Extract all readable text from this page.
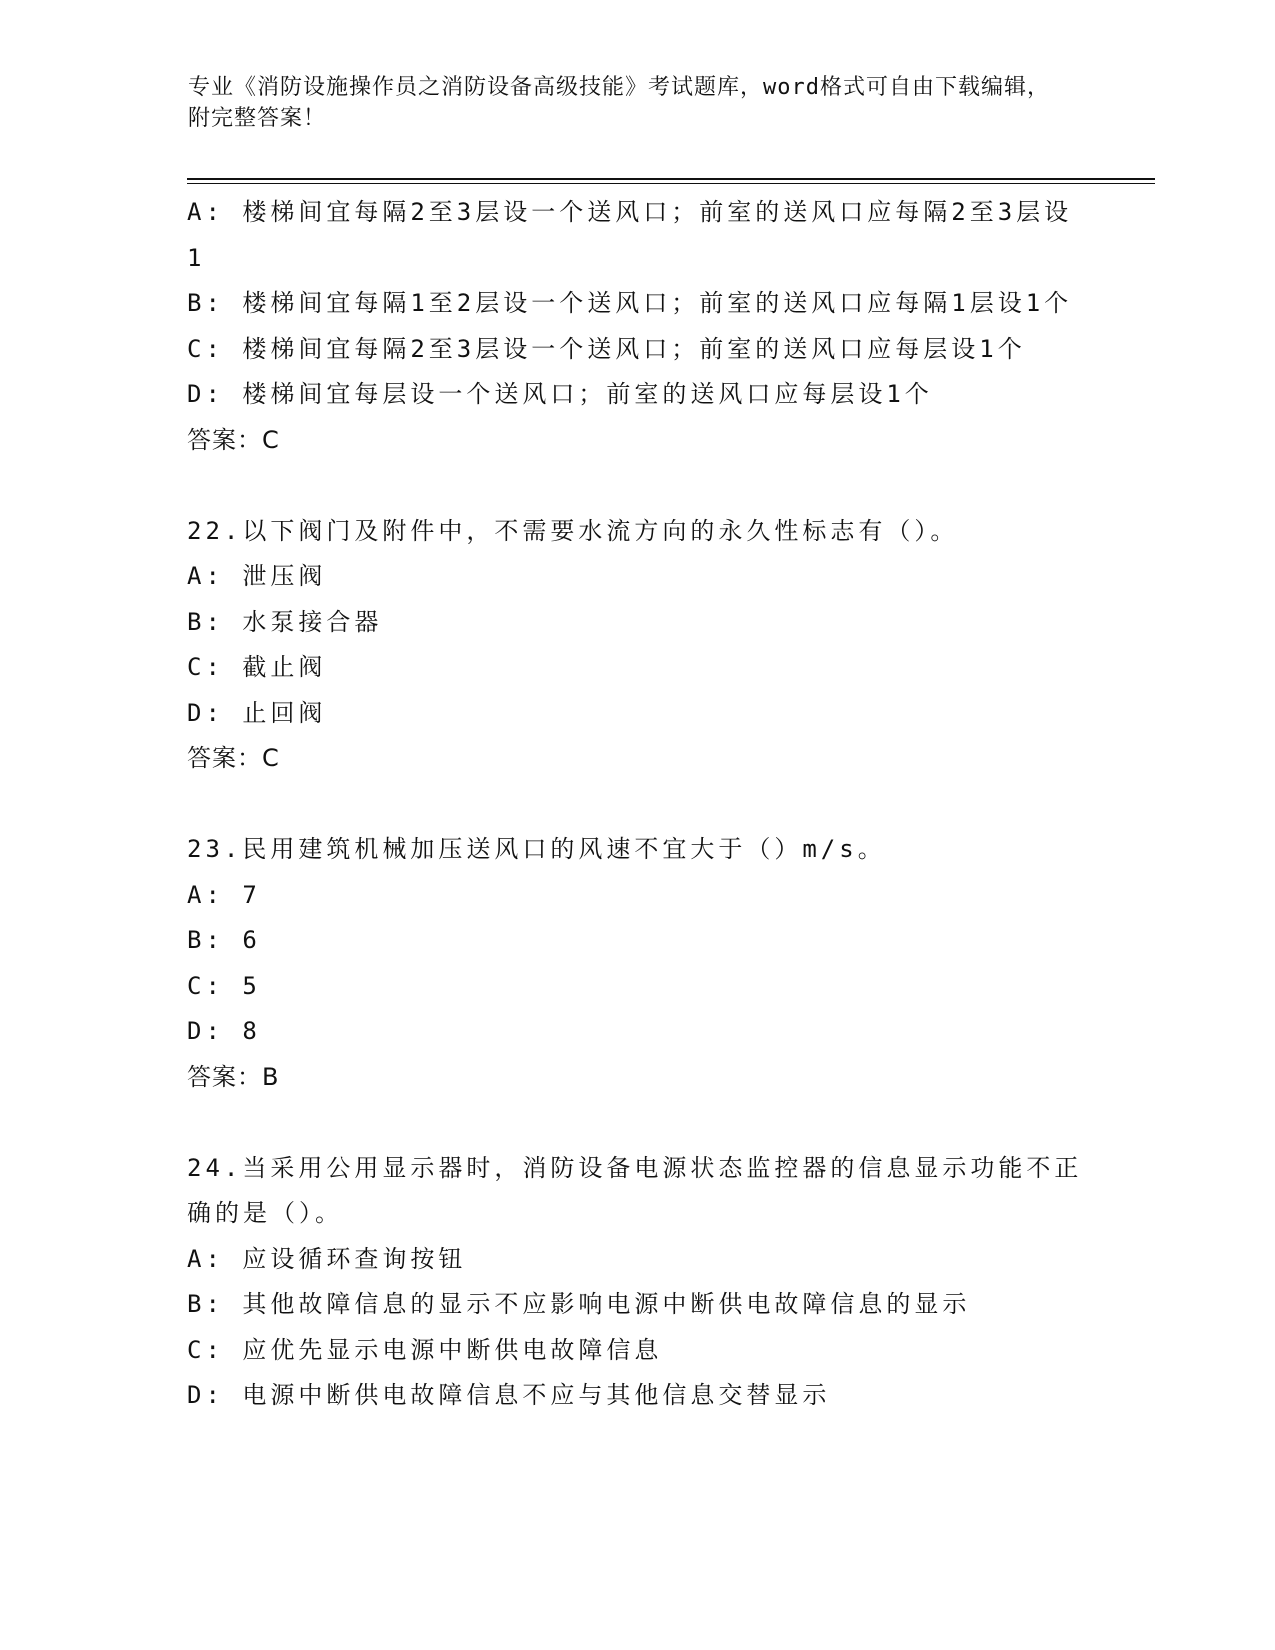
专业《消防设施操作员之消防设备高级技能》考试题库，word格式可自由下载编辑，附完整答案！
A: 楼梯间宜每隔2至3层设一个送风口；前室的送风口应每隔2至3层设1
B: 楼梯间宜每隔1至2层设一个送风口；前室的送风口应每隔1层设1个
C: 楼梯间宜每隔2至3层设一个送风口；前室的送风口应每层设1个
D: 楼梯间宜每层设一个送风口；前室的送风口应每层设1个
答案：C
22.以下阀门及附件中，不需要水流方向的永久性标志有（）。
A: 泄压阀
B: 水泵接合器
C: 截止阀
D: 止回阀
答案：C
23.民用建筑机械加压送风口的风速不宜大于（）m/s。
A: 7
B: 6
C: 5
D: 8
答案：B
24.当采用公用显示器时，消防设备电源状态监控器的信息显示功能不正确的是（）。
A: 应设循环查询按钮
B: 其他故障信息的显示不应影响电源中断供电故障信息的显示
C: 应优先显示电源中断供电故障信息
D: 电源中断供电故障信息不应与其他信息交替显示
